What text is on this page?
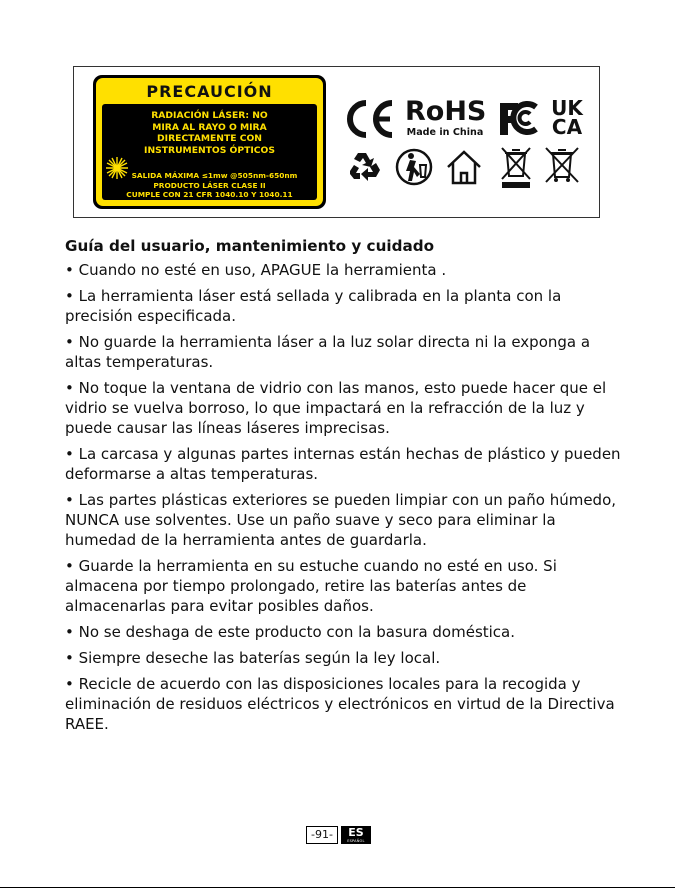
PRECAUCIÓN
RADIACIÓN LÁSER: NO
MIRA AL RAYO O MIRA
DIRECTAMENTE CON
INSTRUMENTOS ÓPTICOS
SALIDA MÁXIMA ≤1mw @505nm-650nm
PRODUCTO LÁSER CLASE II
CUMPLE CON 21 CFR 1040.10 Y 1040.11
RoHS
Made in China
UK
CA
Guía del usuario, mantenimiento y cuidado
• Cuando no esté en uso, APAGUE la herramienta .
• La herramienta láser está sellada y calibrada en la planta con la precisión especificada.
• No guarde la herramienta láser a la luz solar directa ni la exponga a altas temperaturas.
• No toque la ventana de vidrio con las manos, esto puede hacer que el vidrio se vuelva borroso, lo que impactará en la refracción de la luz y puede causar las líneas láseres imprecisas.
• La carcasa y algunas partes internas están hechas de plástico y pueden deformarse a altas temperaturas.
• Las partes plásticas exteriores se pueden limpiar con un paño húmedo, NUNCA use solventes. Use un paño suave y seco para eliminar la humedad de la herramienta antes de guardarla.
• Guarde la herramienta en su estuche cuando no esté en uso. Si almacena por tiempo prolongado, retire las baterías antes de almacenarlas para evitar posibles daños.
• No se deshaga de este producto con la basura doméstica.
• Siempre deseche las baterías según la ley local.
• Recicle de acuerdo con las disposiciones locales para la recogida y eliminación de residuos eléctricos y electrónicos en virtud de la Directiva RAEE.
-91-	ES
ESPAÑOL
